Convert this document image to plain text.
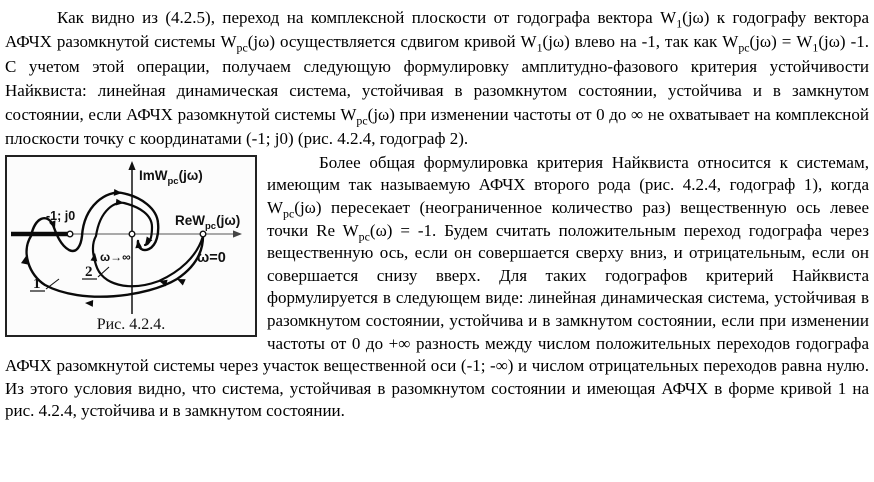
Как видно из (4.2.5), переход на комплексной плоскости от годографа вектора $W_1(j\omega)$ к годографу вектора АФЧХ разомкнутой системы $W_{рс}(j\omega)$ осуществляется сдвигом кривой $W_1(j\omega)$ влево на -1, так как $W_{рс}(j\omega) = W_1(j\omega)$ -1. С учетом этой операции, получаем следующую формулировку амплитудно-фазового критерия устойчивости Найквиста: линейная динамическая система, устойчивая в разомкнутом состоянии, устойчива и в замкнутом состоянии, если АФЧХ разомкнутой системы $W_{рс}(j\omega)$ при изменении частоты от 0 до ∞ не охватывает на комплексной плоскости точку с координатами (-1; j0) (рис. 4.2.4, годограф 2).

ImW$_{рс}$(jω)
ReW$_{рс}$(jω)
-1; j0
ω→∞	ω=0
1
2
Рис. 4.2.4.

Более общая формулировка критерия Найквиста относится к системам, имеющим так называемую АФЧХ второго рода (рис. 4.2.4, годограф 1), когда $W_{рс}(j\omega)$ пересекает (неограниченное количество раз) вещественную ось левее точки Re $W_{рс}(\omega) = -1$. Будем считать положительным переход годографа через вещественную ось, если он совершается сверху вниз, и отрицательным, если он совершается снизу вверх. Для таких годографов критерий Найквиста формулируется в следующем виде: линейная динамическая система, устойчивая в разомкнутом состоянии, устойчива и в замкнутом состоянии, если при изменении частоты от 0 до +∞ разность между числом положительных переходов годографа АФЧХ разомкнутой системы через участок вещественной оси (-1; -∞) и числом отрицательных переходов равна нулю. Из этого условия видно, что система, устойчивая в разомкнутом состоянии и имеющая АФЧХ в форме кривой 1 на рис. 4.2.4, устойчива и в замкнутом состоянии.
